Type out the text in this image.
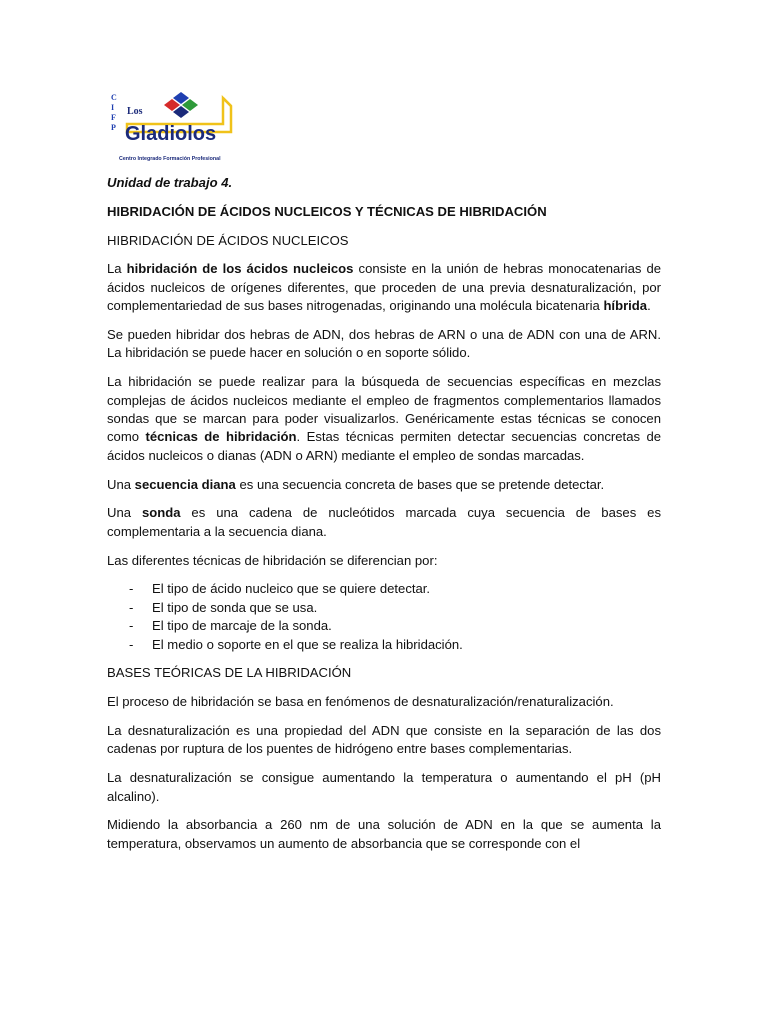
C
I
F
P
Los
Gladiolos
Centro Integrado Formación Profesional

Unidad de trabajo 4.

HIBRIDACIÓN DE ÁCIDOS NUCLEICOS Y TÉCNICAS DE HIBRIDACIÓN

HIBRIDACIÓN DE ÁCIDOS NUCLEICOS

La hibridación de los ácidos nucleicos consiste en la unión de hebras monocatenarias de ácidos nucleicos de orígenes diferentes, que proceden de una previa desnaturalización, por complementariedad de sus bases nitrogenadas, originando una molécula bicatenaria híbrida.

Se pueden hibridar dos hebras de ADN, dos hebras de ARN o una de ADN con una de ARN. La hibridación se puede hacer en solución o en soporte sólido.

La hibridación se puede realizar para la búsqueda de secuencias específicas en mezclas complejas de ácidos nucleicos mediante el empleo de fragmentos complementarios llamados sondas que se marcan para poder visualizarlos. Genéricamente estas técnicas se conocen como técnicas de hibridación. Estas técnicas permiten detectar secuencias concretas de ácidos nucleicos o dianas (ADN o ARN) mediante el empleo de sondas marcadas.

Una secuencia diana es una secuencia concreta de bases que se pretende detectar.

Una sonda es una cadena de nucleótidos marcada cuya secuencia de bases es complementaria a la secuencia diana.

Las diferentes técnicas de hibridación se diferencian por:

- El tipo de ácido nucleico que se quiere detectar.
- El tipo de sonda que se usa.
- El tipo de marcaje de la sonda.
- El medio o soporte en el que se realiza la hibridación.

BASES TEÓRICAS DE LA HIBRIDACIÓN

El proceso de hibridación se basa en fenómenos de desnaturalización/renaturalización.

La desnaturalización es una propiedad del ADN que consiste en la separación de las dos cadenas por ruptura de los puentes de hidrógeno entre bases complementarias.

La desnaturalización se consigue aumentando la temperatura o aumentando el pH (pH alcalino).

Midiendo la absorbancia a 260 nm de una solución de ADN en la que se aumenta la temperatura, observamos un aumento de absorbancia que se corresponde con el
